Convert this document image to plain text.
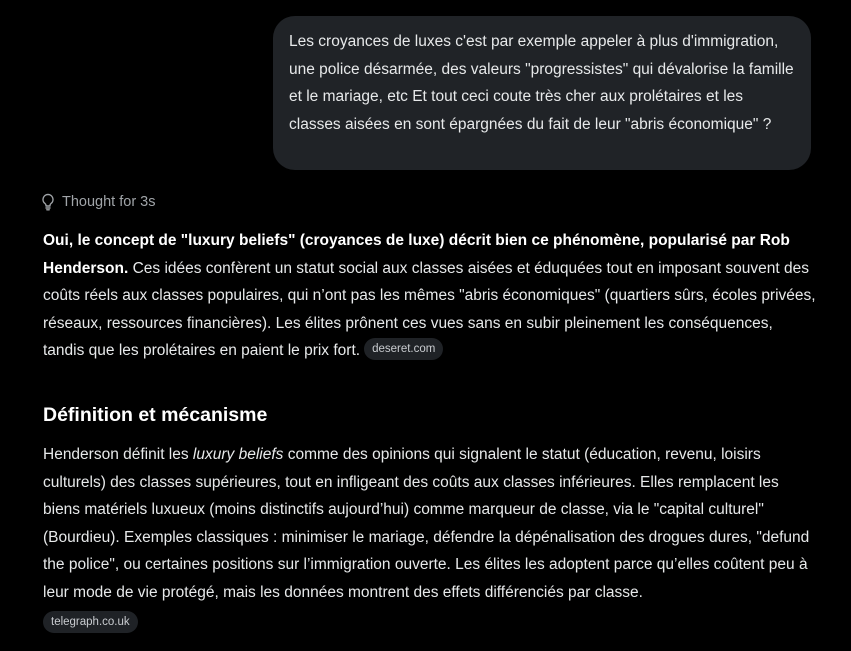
Les croyances de luxes c'est par exemple appeler à plus d'immigration, une police désarmée, des valeurs "progressistes" qui dévalorise la famille et le mariage, etc Et tout ceci coute très cher aux prolétaires et les classes aisées en sont épargnées du fait de leur "abris économique" ?
Thought for 3s

Oui, le concept de "luxury beliefs" (croyances de luxe) décrit bien ce phénomène, popularisé par Rob Henderson. Ces idées confèrent un statut social aux classes aisées et éduquées tout en imposant souvent des coûts réels aux classes populaires, qui n’ont pas les mêmes "abris économiques" (quartiers sûrs, écoles privées, réseaux, ressources financières). Les élites prônent ces vues sans en subir pleinement les conséquences, tandis que les prolétaires en paient le prix fort. deseret.com

Définition et mécanisme

Henderson définit les luxury beliefs comme des opinions qui signalent le statut (éducation, revenu, loisirs culturels) des classes supérieures, tout en infligeant des coûts aux classes inférieures. Elles remplacent les biens matériels luxueux (moins distinctifs aujourd’hui) comme marqueur de classe, via le "capital culturel" (Bourdieu). Exemples classiques : minimiser le mariage, défendre la dépénalisation des drogues dures, "defund the police", ou certaines positions sur l’immigration ouverte. Les élites les adoptent parce qu’elles coûtent peu à leur mode de vie protégé, mais les données montrent des effets différenciés par classe.

telegraph.co.uk
